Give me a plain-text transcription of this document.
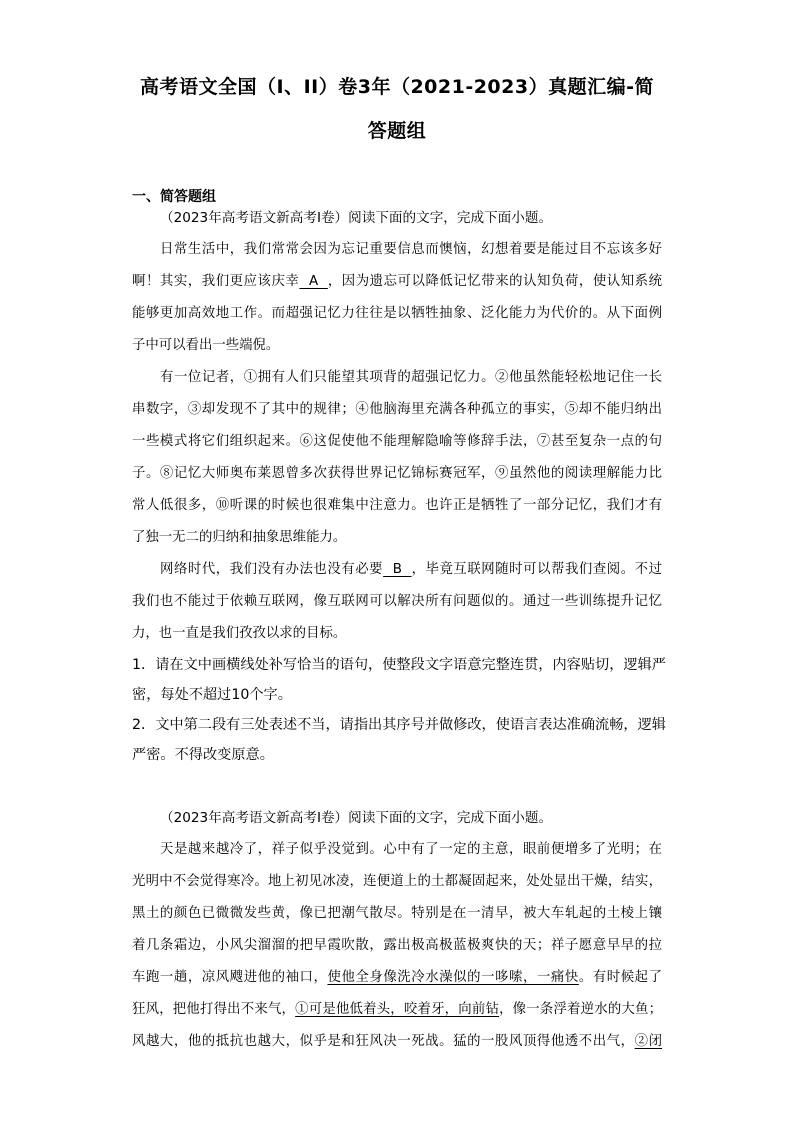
高考语文全国（I、II）卷3年（2021-2023）真题汇编-简
答题组
一、简答题组
（2023年高考语文新高考Ⅰ卷）阅读下面的文字，完成下面小题。
日常生活中，我们常常会因为忘记重要信息而懊恼，幻想着要是能过目不忘该多好
啊！其实，我们更应该庆幸  A  ，因为遗忘可以降低记忆带来的认知负荷，使认知系统
能够更加高效地工作。而超强记忆力往往是以牺牲抽象、泛化能力为代价的。从下面例
子中可以看出一些端倪。
有一位记者，①拥有人们只能望其项背的超强记忆力。②他虽然能轻松地记住一长
串数字，③却发现不了其中的规律；④他脑海里充满各种孤立的事实，⑤却不能归纳出
一些模式将它们组织起来。⑥这促使他不能理解隐喻等修辞手法，⑦甚至复杂一点的句
子。⑧记忆大师奥布莱恩曾多次获得世界记忆锦标赛冠军，⑨虽然他的阅读理解能力比
常人低很多，⑩听课的时候也很难集中注意力。也许正是牺牲了一部分记忆，我们才有
了独一无二的归纳和抽象思维能力。
网络时代，我们没有办法也没有必要  B  ，毕竟互联网随时可以帮我们查阅。不过
我们也不能过于依赖互联网，像互联网可以解决所有问题似的。通过一些训练提升记忆
力，也一直是我们孜孜以求的目标。
1．请在文中画横线处补写恰当的语句，使整段文字语意完整连贯，内容贴切，逻辑严
密，每处不超过10个字。
2．文中第二段有三处表述不当，请指出其序号并做修改，使语言表达准确流畅，逻辑
严密。不得改变原意。
（2023年高考语文新高考Ⅰ卷）阅读下面的文字，完成下面小题。
天是越来越冷了，祥子似乎没觉到。心中有了一定的主意，眼前便增多了光明；在
光明中不会觉得寒冷。地上初见冰凌，连便道上的土都凝固起来，处处显出干燥，结实，
黑土的颜色已微微发些黄，像已把潮气散尽。特别是在一清早，被大车轧起的土棱上镶
着几条霜边，小风尖溜溜的把早霞吹散，露出极高极蓝极爽快的天；祥子愿意早早的拉
车跑一趟，凉风飕进他的袖口，使他全身像洗冷水澡似的一哆嗦，一痛快。有时候起了
狂风，把他打得出不来气，①可是他低着头，咬着牙，向前钻，像一条浮着逆水的大鱼；
风越大，他的抵抗也越大，似乎是和狂风决一死战。猛的一股风顶得他透不出气，②闭
